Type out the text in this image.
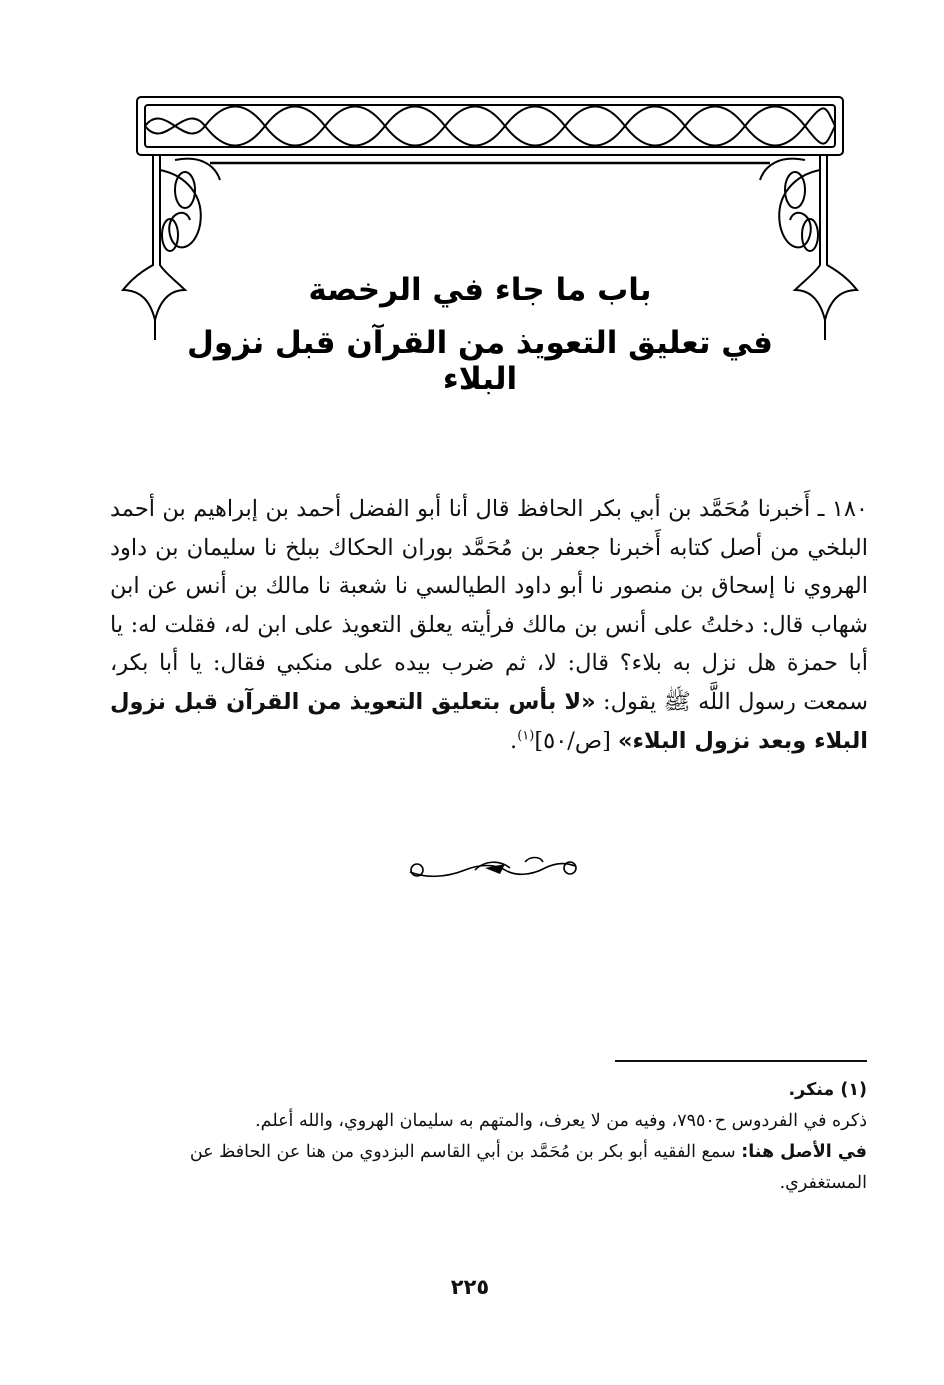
باب ما جاء في الرخصة
في تعليق التعويذ من القرآن قبل نزول البلاء
١٨٠ ـ أَخبرنا مُحَمَّد بن أبي بكر الحافظ قال أنا أبو الفضل أحمد بن إبراهيم بن أحمد البلخي من أصل كتابه أَخبرنا جعفر بن مُحَمَّد بوران الحكاك ببلخ نا سليمان بن داود الهروي نا إسحاق بن منصور نا أبو داود الطيالسي نا شعبة نا مالك بن أنس عن ابن شهاب قال: دخلتُ على أنس بن مالك فرأيته يعلق التعويذ على ابن له، فقلت له: يا أبا حمزة هل نزل به بلاء؟ قال: لا، ثم ضرب بيده على منكبي فقال: يا أبا بكر، سمعت رسول اللَّه ﷺ يقول: «لا بأس بتعليق التعويذ من القرآن قبل نزول البلاء وبعد نزول البلاء» [ص/٥٠]$^{(١)}$.

(١) منكر.

ذكره في الفردوس ح٧٩٥٠، وفيه من لا يعرف، والمتهم به سليمان الهروي، والله أعلم.

في الأصل هنا: سمع الفقيه أبو بكر بن مُحَمَّد بن أبي القاسم البزدوي من هنا عن الحافظ عن المستغفري.

٢٢٥
